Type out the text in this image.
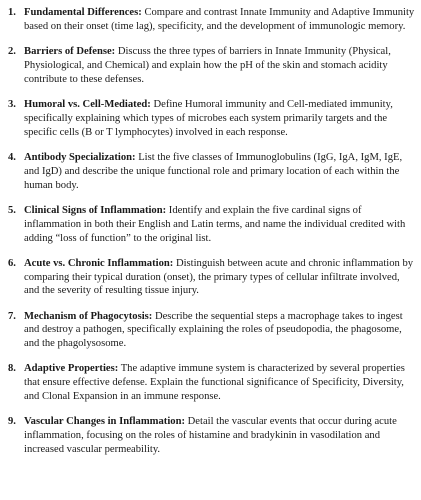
1. Fundamental Differences: Compare and contrast Innate Immunity and Adaptive Immunity based on their onset (time lag), specificity, and the development of immunologic memory.
2. Barriers of Defense: Discuss the three types of barriers in Innate Immunity (Physical, Physiological, and Chemical) and explain how the pH of the skin and stomach acidity contribute to these defenses.
3. Humoral vs. Cell-Mediated: Define Humoral immunity and Cell-mediated immunity, specifically explaining which types of microbes each system primarily targets and the specific cells (B or T lymphocytes) involved in each response.
4. Antibody Specialization: List the five classes of Immunoglobulins (IgG, IgA, IgM, IgE, and IgD) and describe the unique functional role and primary location of each within the human body.
5. Clinical Signs of Inflammation: Identify and explain the five cardinal signs of inflammation in both their English and Latin terms, and name the individual credited with adding “loss of function” to the original list.
6. Acute vs. Chronic Inflammation: Distinguish between acute and chronic inflammation by comparing their typical duration (onset), the primary types of cellular infiltrate involved, and the severity of resulting tissue injury.
7. Mechanism of Phagocytosis: Describe the sequential steps a macrophage takes to ingest and destroy a pathogen, specifically explaining the roles of pseudopodia, the phagosome, and the phagolysosome.
8. Adaptive Properties: The adaptive immune system is characterized by several properties that ensure effective defense. Explain the functional significance of Specificity, Diversity, and Clonal Expansion in an immune response.
9. Vascular Changes in Inflammation: Detail the vascular events that occur during acute inflammation, focusing on the roles of histamine and bradykinin in vasodilation and increased vascular permeability.
